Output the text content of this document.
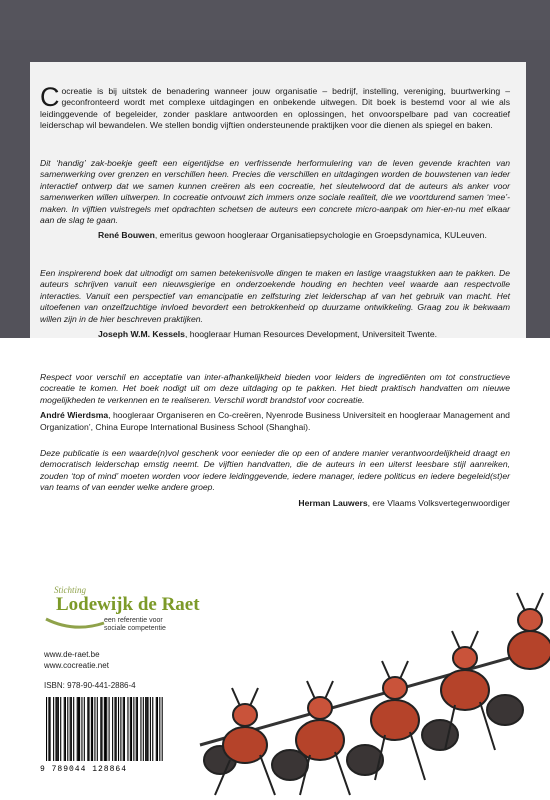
Cocreatie is bij uitstek de benadering wanneer jouw organisatie – bedrijf, instelling, vereniging, buurtwerking – geconfronteerd wordt met complexe uitdagingen en onbekende uitwegen. Dit boek is bestemd voor al wie als leidinggevende of begeleider, zonder pasklare antwoorden en oplossingen, het onvoorspelbare pad van cocreatief leiderschap wil bewandelen. We stellen bondig vijftien ondersteunende praktijken voor die dienen als spiegel en baken.

Dit ‘handig’ zak-boekje geeft een eigentijdse en verfrissende herformulering van de leven gevende krachten van samenwerking over grenzen en verschillen heen. Precies die verschillen en uitdagingen worden de bouwstenen van ieder interactief ontwerp dat we samen kunnen creëren als een cocreatie, het sleutelwoord dat de auteurs als anker voor samenwerken willen uitwerpen. In cocreatie ontvouwt zich immers onze sociale realiteit, die we voortdurend samen ‘mee’-maken. In vijftien vuistregels met opdrachten schetsen de auteurs een concrete micro-aanpak om hier-en-nu met elkaar aan de slag te gaan.

René Bouwen, emeritus gewoon hoogleraar Organisatiepsychologie en Groepsdynamica, KULeuven.

Een inspirerend boek dat uitnodigt om samen betekenisvolle dingen te maken en lastige vraagstukken aan te pakken. De auteurs schrijven vanuit een nieuwsgierige en onderzoekende houding en hechten veel waarde aan respectvolle interacties. Vanuit een perspectief van emancipatie en zelfsturing ziet leiderschap af van het gebruik van macht. Het uitoefenen van onzelfzuchtige invloed bevordert een betrokkenheid op duurzame ontwikkeling. Graag zou ik bekwaam willen zijn in de hier beschreven praktijken.

Joseph W.M. Kessels, hoogleraar Human Resources Development, Universiteit Twente.

Respect voor verschil en acceptatie van inter-afhankelijkheid bieden voor leiders de ingrediënten om tot constructieve cocreatie te komen. Het boek nodigt uit om deze uitdaging op te pakken. Het biedt praktisch handvatten om nieuwe mogelijkheden te verkennen en te realiseren. Verschil wordt brandstof voor cocreatie.

André Wierdsma, hoogleraar Organiseren en Co-creëren, Nyenrode Business Universiteit en hoogleraar Management and Organization’, China Europe International Business School (Shanghai).

Deze publicatie is een waarde(n)vol geschenk voor eenieder die op een of andere manier verantwoordelijkheid draagt en democratisch leiderschap emstig neemt. De vijftien handvatten, die de auteurs in een uiterst leesbare stijl aanreiken, zouden ‘top of mind’ moeten worden voor iedere leidinggevende, iedere manager, iedere politicus en iedere begeleid(st)er van teams of van eender welke andere groep.

Herman Lauwers, ere Vlaams Volksvertegenwoordiger

Stichting
Lodewijk de Raet
een referentie voor
sociale competentie
www.de-raet.be
www.cocreatie.net
ISBN: 978-90-441-2886-4
9 789044 128864
